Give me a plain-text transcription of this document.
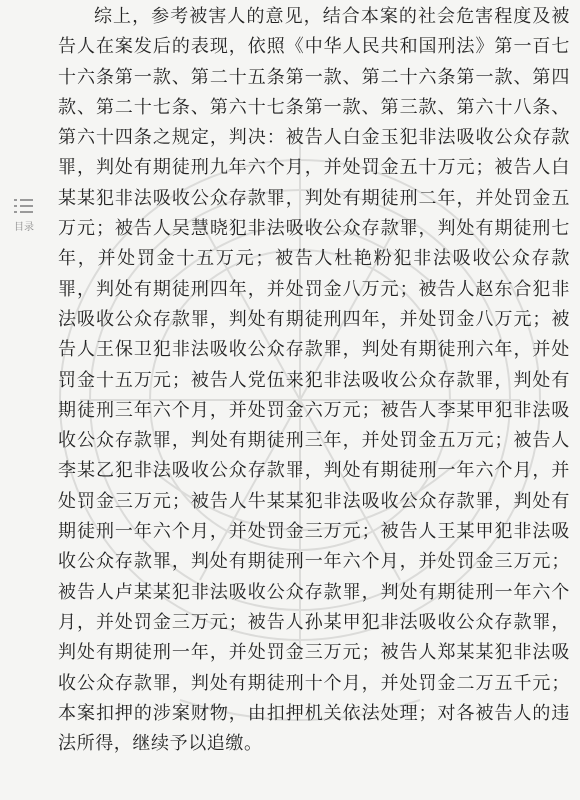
目录

综上，参考被害人的意见，结合本案的社会危害程度及被告人在案发后的表现，依照《中华人民共和国刑法》第一百七十六条第一款、第二十五条第一款、第二十六条第一款、第四款、第二十七条、第六十七条第一款、第三款、第六十八条、第六十四条之规定，判决：被告人白金玉犯非法吸收公众存款罪，判处有期徒刑九年六个月，并处罚金五十万元；被告人白某某犯非法吸收公众存款罪，判处有期徒刑二年，并处罚金五万元；被告人吴慧晓犯非法吸收公众存款罪，判处有期徒刑七年，并处罚金十五万元；被告人杜艳粉犯非法吸收公众存款罪，判处有期徒刑四年，并处罚金八万元；被告人赵东合犯非法吸收公众存款罪，判处有期徒刑四年，并处罚金八万元；被告人王保卫犯非法吸收公众存款罪，判处有期徒刑六年，并处罚金十五万元；被告人党伍来犯非法吸收公众存款罪，判处有期徒刑三年六个月，并处罚金六万元；被告人李某甲犯非法吸收公众存款罪，判处有期徒刑三年，并处罚金五万元；被告人李某乙犯非法吸收公众存款罪，判处有期徒刑一年六个月，并处罚金三万元；被告人牛某某犯非法吸收公众存款罪，判处有期徒刑一年六个月，并处罚金三万元；被告人王某甲犯非法吸收公众存款罪，判处有期徒刑一年六个月，并处罚金三万元；被告人卢某某犯非法吸收公众存款罪，判处有期徒刑一年六个月，并处罚金三万元；被告人孙某甲犯非法吸收公众存款罪，判处有期徒刑一年，并处罚金三万元；被告人郑某某犯非法吸收公众存款罪，判处有期徒刑十个月，并处罚金二万五千元；本案扣押的涉案财物，由扣押机关依法处理；对各被告人的违法所得，继续予以追缴。
